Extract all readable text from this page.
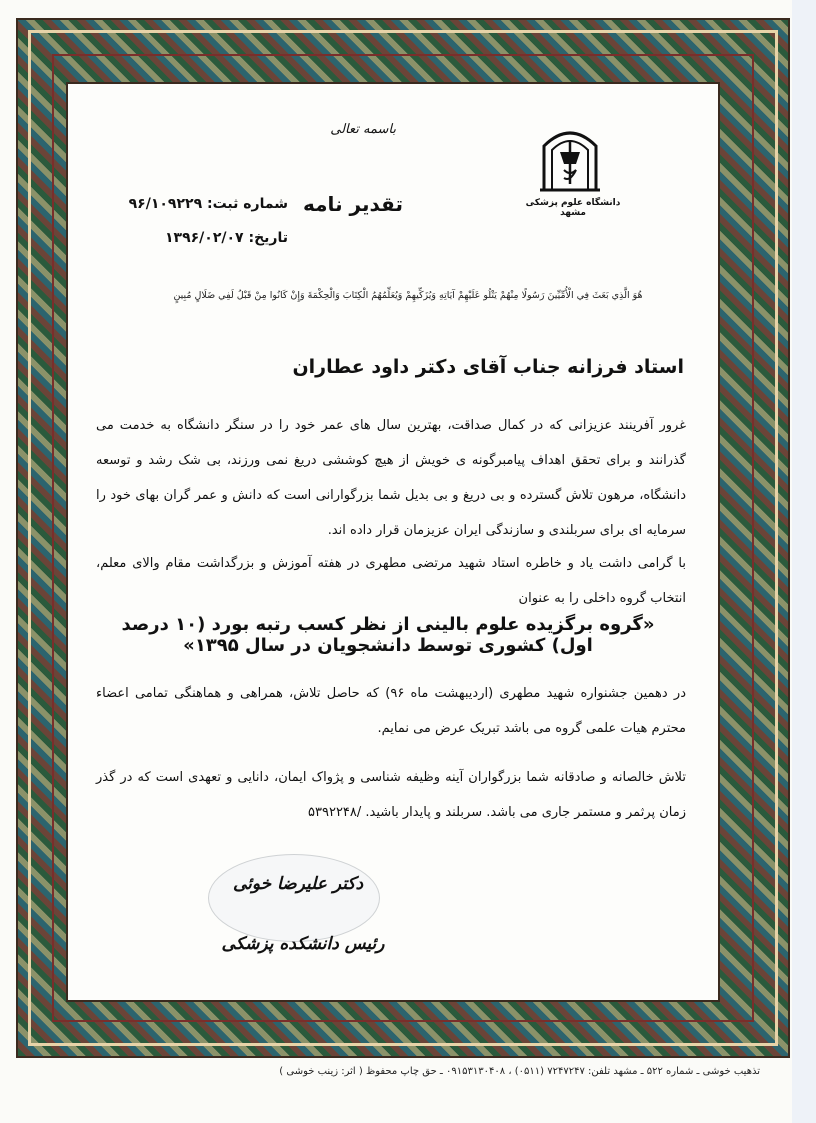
باسمه تعالی
دانشگاه علوم پزشکی مشهد
تقدیر نامه
شماره ثبت: ۹۶/۱۰۹۲۲۹
تاریخ: ۱۳۹۶/۰۲/۰۷
هُوَ الَّذِي بَعَثَ فِي الْأُمِّيِّينَ رَسُولًا مِنْهُمْ يَتْلُو عَلَيْهِمْ آيَاتِهِ وَيُزَكِّيهِمْ وَيُعَلِّمُهُمُ الْكِتَابَ وَالْحِكْمَةَ وَإِنْ كَانُوا مِنْ قَبْلُ لَفِي ضَلَالٍ مُبِينٍ
استاد فرزانه جناب آقای دکتر داود عطاران
غرور آفرینند عزیزانی که در کمال صداقت، بهترین سال های عمر خود را در سنگر دانشگاه به خدمت می گذرانند و برای تحقق اهداف پیامبرگونه ی خویش از هیچ کوششی دریغ نمی ورزند، بی شک رشد و توسعه دانشگاه، مرهون تلاش گسترده و بی دریغ و بی بدیل شما بزرگوارانی است که دانش و عمر گران بهای خود را سرمایه ای برای سربلندی و سازندگی ایران عزیزمان قرار داده اند.
با گرامی داشت یاد و خاطره استاد شهید مرتضی مطهری در هفته آموزش و بزرگداشت مقام والای معلم، انتخاب گروه داخلی را به عنوان
«گروه برگزیده علوم بالینی از نظر کسب رتبه بورد (۱۰ درصد اول) کشوری توسط دانشجویان در سال ۱۳۹۵»
در دهمین جشنواره شهید مطهری (اردیبهشت ماه ۹۶) که حاصل تلاش، همراهی و هماهنگی تمامی اعضاء محترم هیات علمی گروه می باشد تبریک عرض می نمایم.
تلاش خالصانه و صادقانه شما بزرگواران آینه وظیفه شناسی و پژواک ایمان، دانایی و تعهدی است که در گذر زمان پرثمر و مستمر جاری می باشد. سربلند و پایدار باشید. /۵۳۹۲۲۴۸
دکتر علیرضا خوئی
رئیس دانشکده پزشکی
تذهیب خوشی ـ شماره ۵۲۲ ـ مشهد تلفن: ۷۲۴۷۲۴۷ (۰۵۱۱) ، ۰۹۱۵۳۱۳۰۴۰۸ ـ حق چاپ محفوظ ( اثر: زینب خوشی )
